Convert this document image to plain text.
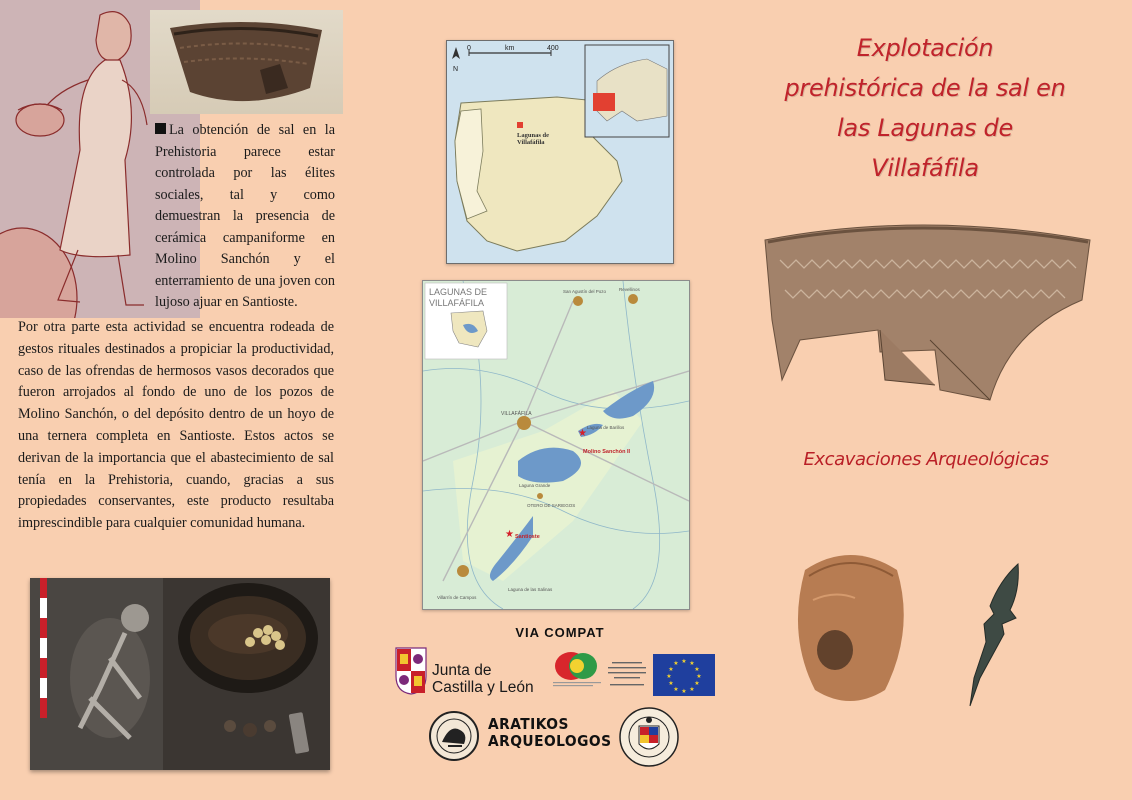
La obtención de sal en la Prehistoria parece estar controlada por las élites sociales, tal y como demuestran la presencia de cerámica campaniforme en Molino Sanchón y el enterramiento de una joven con lujoso ajuar en Santioste.
Por otra parte esta actividad se encuentra rodeada de gestos rituales destinados a propiciar la productividad, caso de las ofrendas de hermosos vasos decorados que fueron arrojados al fondo de uno de los pozos de Molino Sanchón, o del depósito dentro de un hoyo de una ternera completa en Santioste. Estos actos se derivan de la importancia que el abastecimiento de sal tenía en la Prehistoria, cuando, gracias a sus propiedades conservantes, este producto resultaba imprescindible para cualquier comunidad humana.
Lagunas de
Villafáfila
0	km	400
N
LAGUNAS DE
VILLAFÁFILA
VILLAFÁFILA
Laguna de Barillos
Laguna Grande
Laguna de las Salinas
OTERO DE SARIEGOS
San Agustín del Pozo	Revellinos
Villarrín de Campos
★
Molino Sanchón II
★ Santioste
VIA COMPAT
Junta de
Castilla y León
★ ★
★
★
★
★
★
★
★
★
★
★
ARATIKOS
ARQUEOLOGOS
Explotación
prehistórica de la sal en
las Lagunas de
Villafáfila
Excavaciones Arqueológicas
